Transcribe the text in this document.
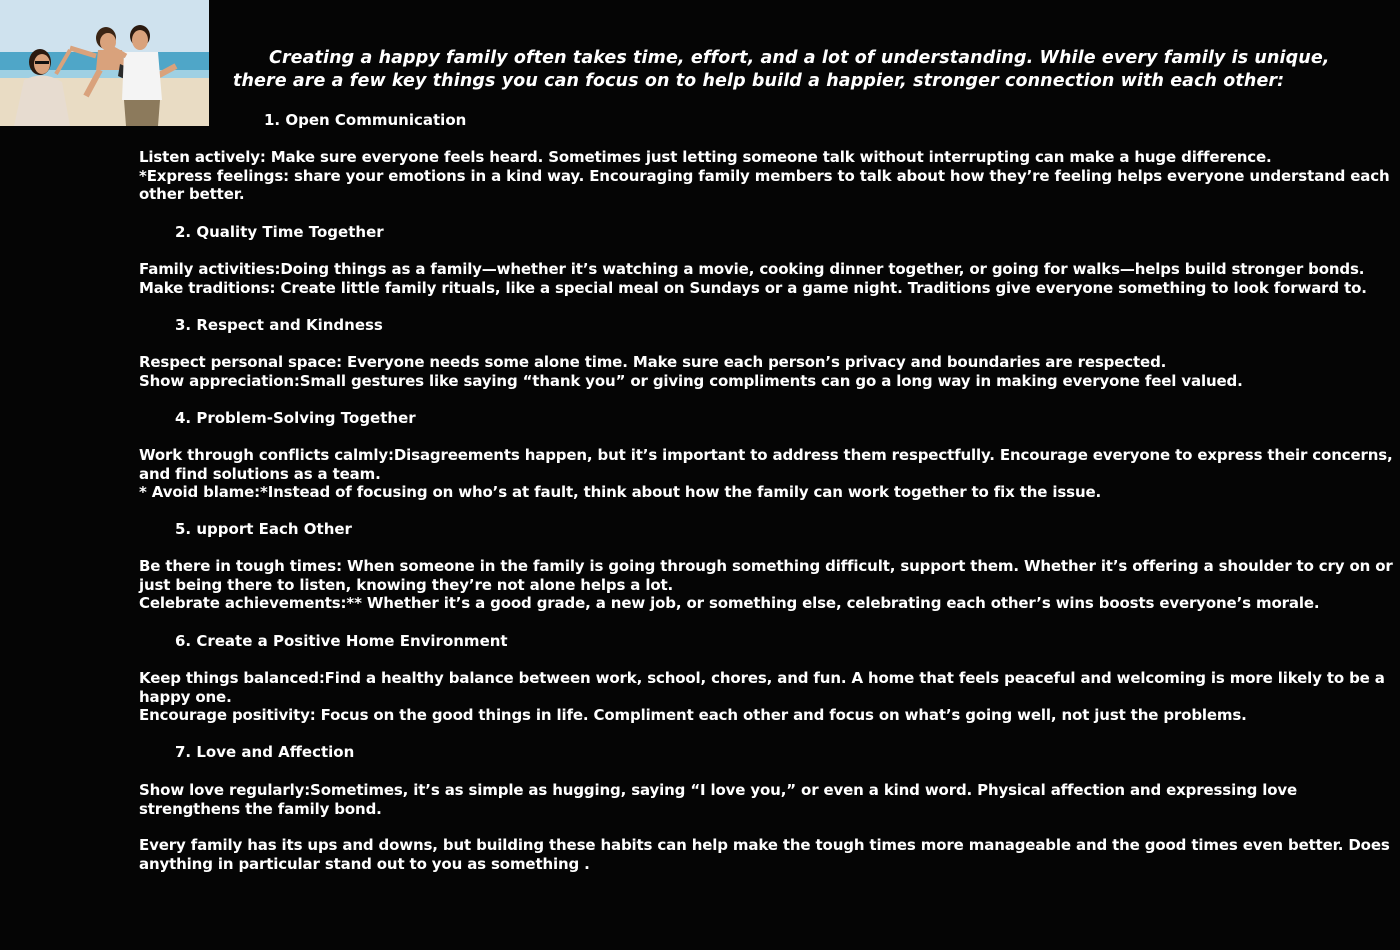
Creating a happy family often takes time, effort, and a lot of understanding. While every family is unique, there are a few key things you can focus on to help build a happier, stronger connection with each other:
1. Open Communication
Listen actively: Make sure everyone feels heard. Sometimes just letting someone talk without interrupting can make a huge difference.
*Express feelings: share your emotions in a kind way. Encouraging family members to talk about how they’re feeling helps everyone understand each other better.
2. Quality Time Together
Family activities:Doing things as a family—whether it’s watching a movie, cooking dinner together, or going for walks—helps build stronger bonds.
Make traditions: Create little family rituals, like a special meal on Sundays or a game night. Traditions give everyone something to look forward to.
3. Respect and Kindness
Respect personal space: Everyone needs some alone time. Make sure each person’s privacy and boundaries are respected.
Show appreciation:Small gestures like saying “thank you” or giving compliments can go a long way in making everyone feel valued.
4. Problem-Solving Together
Work through conflicts calmly:Disagreements happen, but it’s important to address them respectfully. Encourage everyone to express their concerns, and find solutions as a team.
* Avoid blame:*Instead of focusing on who’s at fault, think about how the family can work together to fix the issue.
5. upport Each Other
Be there in tough times: When someone in the family is going through something difficult, support them. Whether it’s offering a shoulder to cry on or just being there to listen, knowing they’re not alone helps a lot.
Celebrate achievements:** Whether it’s a good grade, a new job, or something else, celebrating each other’s wins boosts everyone’s morale.
6. Create a Positive Home Environment
Keep things balanced:Find a healthy balance between work, school, chores, and fun. A home that feels peaceful and welcoming is more likely to be a happy one.
Encourage positivity: Focus on the good things in life. Compliment each other and focus on what’s going well, not just the problems.
7. Love and Affection
Show love regularly:Sometimes, it’s as simple as hugging, saying “I love you,” or even a kind word. Physical affection and expressing love strengthens the family bond.
Every family has its ups and downs, but building these habits can help make the tough times more manageable and the good times even better. Does anything in particular stand out to you as something .
